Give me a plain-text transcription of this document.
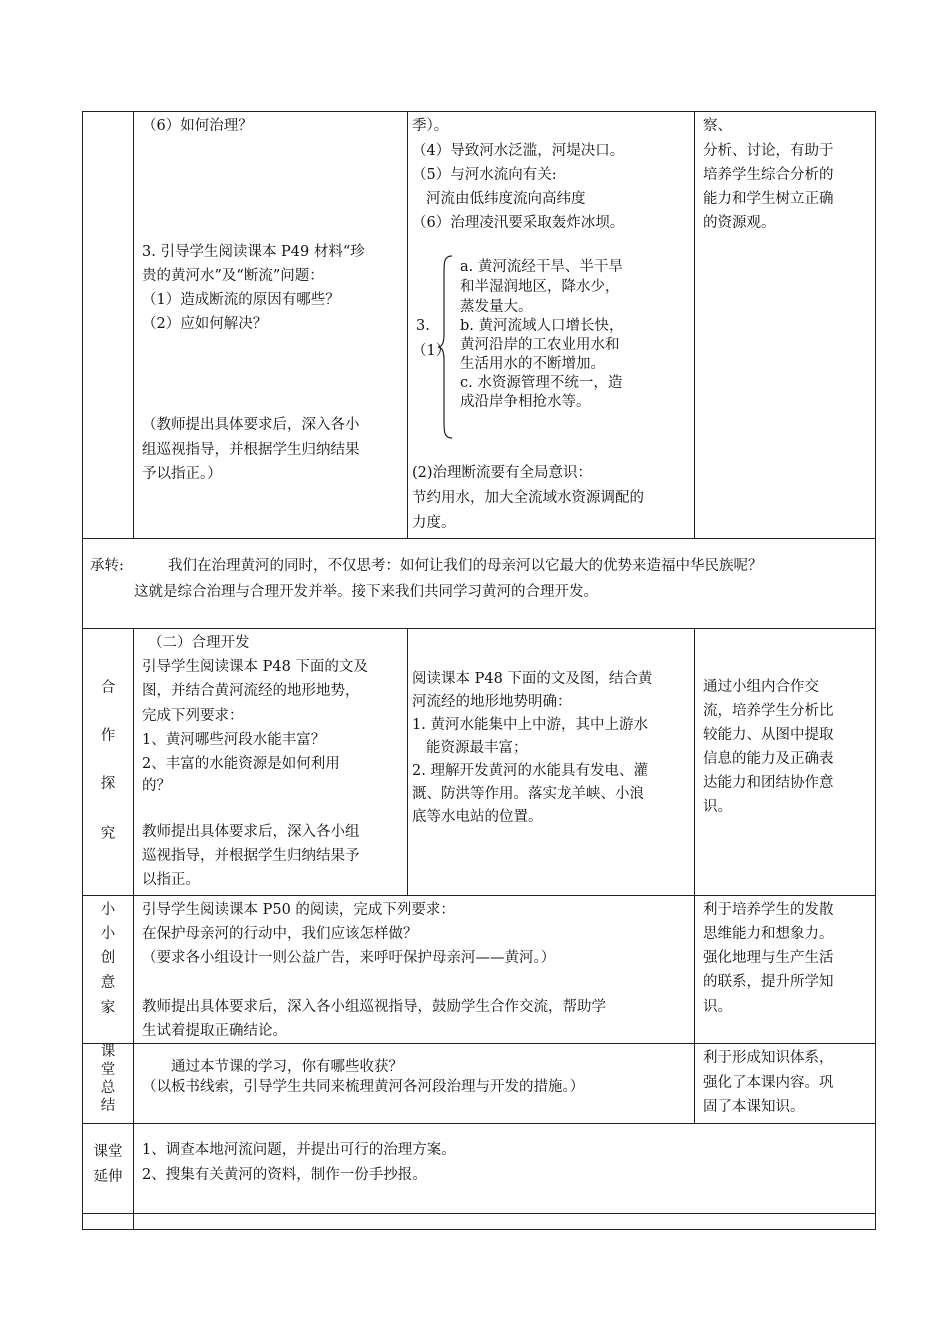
（6）如何治理？
3. 引导学生阅读课本 P49 材料“珍
贵的黄河水”及“断流”问题：
（1）造成断流的原因有哪些？
（2）应如何解决？
（教师提出具体要求后，深入各小
组巡视指导，并根据学生归纳结果
予以指正。）
季）。
（4）导致河水泛滥，河堤决口。
（5）与河水流向有关:
河流由低纬度流向高纬度
（6）治理凌汛要采取轰炸冰坝。
3.
（1）
a. 黄河流经干旱、半干旱
和半湿润地区，降水少，
蒸发量大。
b. 黄河流域人口增长快，
黄河沿岸的工农业用水和
生活用水的不断增加。
c. 水资源管理不统一，造
成沿岸争相抢水等。
(2)治理断流要有全局意识：
节约用水，加大全流域水资源调配的
力度。
察、
分析、讨论，有助于
培养学生综合分析的
能力和学生树立正确
的资源观。
承转:	我们在治理黄河的同时，不仅思考：如何让我们的母亲河以它最大的优势来造福中华民族呢？
这就是综合治理与合理开发并举。接下来我们共同学习黄河的合理开发。
合
作
探
究
（二）合理开发
引导学生阅读课本 P48 下面的文及
图，并结合黄河流经的地形地势，
完成下列要求：
1、黄河哪些河段水能丰富？
2、丰富的水能资源是如何利用
的？
教师提出具体要求后，深入各小组
巡视指导，并根据学生归纳结果予
以指正。
阅读课本 P48 下面的文及图，结合黄
河流经的地形地势明确：
1. 黄河水能集中上中游，其中上游水
能资源最丰富；
2. 理解开发黄河的水能具有发电、灌
溉、防洪等作用。落实龙羊峡、小浪
底等水电站的位置。
通过小组内合作交
流，培养学生分析比
较能力、从图中提取
信息的能力及正确表
达能力和团结协作意
识。
小
小
创
意
家
引导学生阅读课本 P50 的阅读，完成下列要求：
在保护母亲河的行动中，我们应该怎样做？
（要求各小组设计一则公益广告，来呼吁保护母亲河——黄河。）
教师提出具体要求后，深入各小组巡视指导，鼓励学生合作交流，帮助学
生试着提取正确结论。
利于培养学生的发散
思维能力和想象力。
强化地理与生产生活
的联系，提升所学知
识。
课
堂
总
结
通过本节课的学习，你有哪些收获？
（以板书线索，引导学生共同来梳理黄河各河段治理与开发的措施。）
利于形成知识体系，
强化了本课内容。巩
固了本课知识。
课堂
延伸
1、调查本地河流问题，并提出可行的治理方案。
2、搜集有关黄河的资料，制作一份手抄报。
